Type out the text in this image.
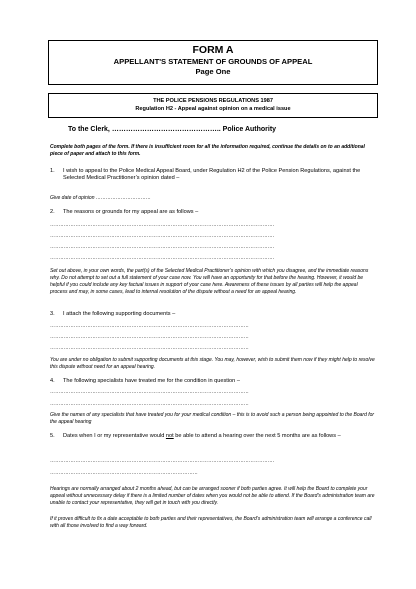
FORM A
APPELLANT'S STATEMENT OF GROUNDS OF APPEAL
Page One
THE POLICE PENSIONS REGULATIONS 1987
Regulation H2 - Appeal against opinion on a medical issue
To the Clerk, ……………………………………….. Police Authority
Complete both pages of the form. If there is insufficient room for all the information required, continue the details on to an additional piece of paper and attach to this form.
1.	I wish to appeal to the Police Medical Appeal Board, under Regulation H2 of the Police Pension Regulations, against the Selected Medical Practitioner’s opinion dated –
Give date of opinion ……………………………
2.	The reasons or grounds for my appeal are as follows –
……………………………………………………………………………………………………………………
……………………………………………………………………………………………………………………
……………………………………………………………………………………………………………………
……………………………………………………………………………………………………………………
Set out above, in your own words, the part(s) of the Selected Medical Practitioner’s opinion with which you disagree, and the immediate reasons why. Do not attempt to set out a full statement of your case now. You will have an opportunity for that before the hearing. However, it would be helpful if you could include any key factual issues in support of your case here. Awareness of these issues by all parties will help the appeal process and may, in some cases, lead to internal resolution of the dispute without a need for an appeal hearing.
3.	I attach the following supporting documents –
………………………………………………………………………………………………………
………………………………………………………………………………………………………
………………………………………………………………………………………………………
You are under no obligation to submit supporting documents at this stage. You may, however, wish to submit them now if they might help to resolve this dispute without need for an appeal hearing.
4.	The following specialists have treated me for the condition in question –
………………………………………………………………………………………………………
………………………………………………………………………………………………………
Give the names of any specialists that have treated you for your medical condition – this is to avoid such a person being appointed to the Board for the appeal hearing
5.	Dates when I or my representative would not be able to attend a hearing over the next 5 months are as follows –
……………………………………………………………………………………………………………………
……………………………………………………………………………
Hearings are normally arranged about 2 months ahead, but can be arranged sooner if both parties agree. It will help the Board to complete your appeal without unnecessary delay if there is a limited number of dates when you would not be able to attend. If the Board’s administration team are unable to contact your representative, they will get in touch with you directly.
If it proves difficult to fix a date acceptable to both parties and their representatives, the Board’s administration team will arrange a conference call with all those involved to find a way forward.
